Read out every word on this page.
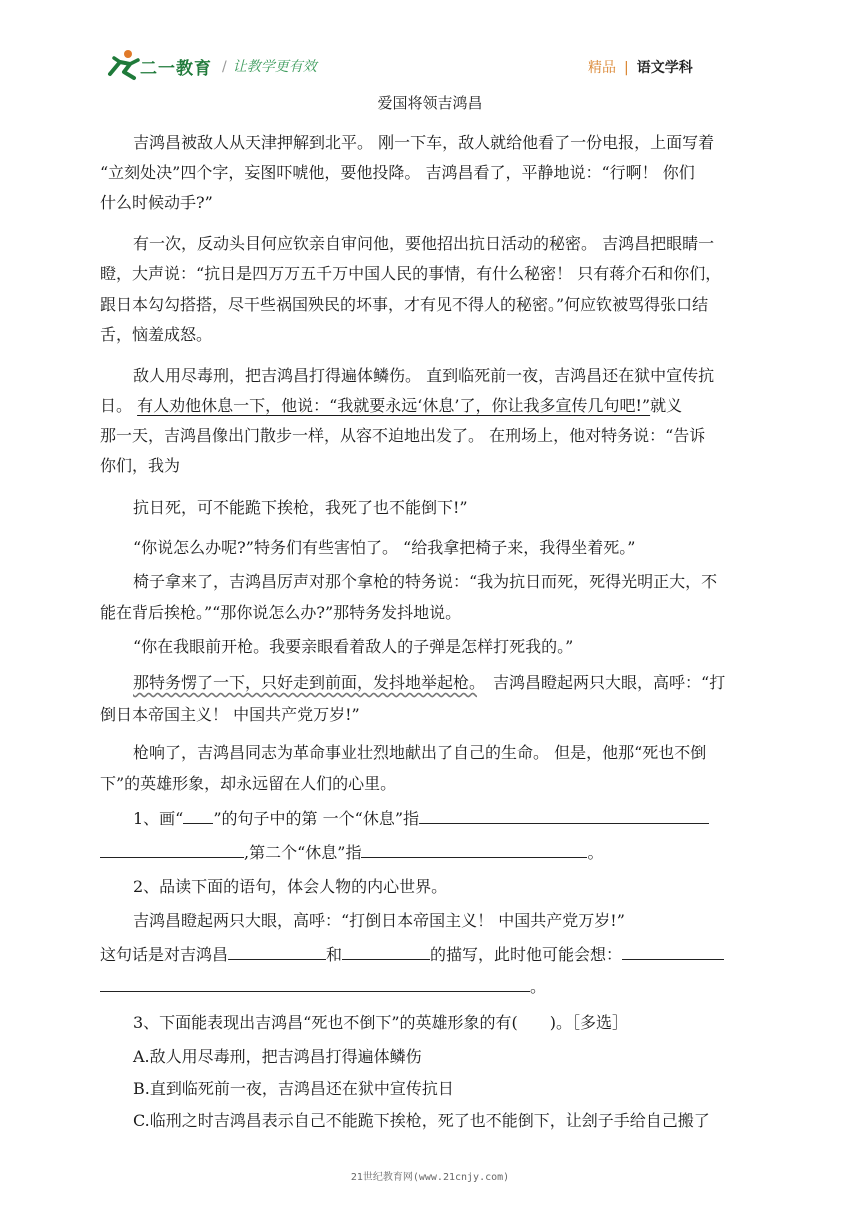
二一教育 / 让教学更有效	精品 | 语文学科
爱国将领吉鸿昌
吉鸿昌被敌人从天津押解到北平。 刚一下车，敌人就给他看了一份电报，上面写着
“立刻处决”四个字，妄图吓唬他，要他投降。 吉鸿昌看了，平静地说：“行啊！ 你们
什么时候动手?”
有一次，反动头目何应钦亲自审问他，要他招出抗日活动的秘密。 吉鸿昌把眼睛一
瞪，大声说：“抗日是四万万五千万中国人民的事情，有什么秘密！ 只有蒋介石和你们，
跟日本勾勾搭搭，尽干些祸国殃民的坏事，才有见不得人的秘密。”何应钦被骂得张口结
舌，恼羞成怒。
敌人用尽毒刑，把吉鸿昌打得遍体鳞伤。 直到临死前一夜，吉鸿昌还在狱中宣传抗
日。 有人劝他休息一下，他说：“我就要永远‘休息’了，你让我多宣传几句吧!”就义
那一天，吉鸿昌像出门散步一样，从容不迫地出发了。 在刑场上，他对特务说：“告诉
你们，我为
抗日死，可不能跪下挨枪，我死了也不能倒下!”
“你说怎么办呢?”特务们有些害怕了。 “给我拿把椅子来，我得坐着死。”
椅子拿来了，吉鸿昌厉声对那个拿枪的特务说：“我为抗日而死，死得光明正大，不
能在背后挨枪。”“那你说怎么办?”那特务发抖地说。
“你在我眼前开枪。我要亲眼看着敌人的子弹是怎样打死我的。”
那特务愣了一下，只好走到前面，发抖地举起枪。　 吉鸿昌瞪起两只大眼，高呼：“打
倒日本帝国主义！ 中国共产党万岁!”
枪响了，吉鸿昌同志为革命事业壮烈地献出了自己的生命。 但是，他那“死也不倒
下”的英雄形象，却永远留在人们的心里。
1、画“ ”的句子中的第 一个“休息”指
,第二个“休息”指	。
2、品读下面的语句，体会人物的内心世界。
吉鸿昌瞪起两只大眼，高呼：“打倒日本帝国主义！ 中国共产党万岁!”
这句话是对吉鸿昌	和	的描写，此时他可能会想：
。
3、下面能表现出吉鸿昌“死也不倒下”的英雄形象的有(　　)。［多选］
A.敌人用尽毒刑，把吉鸿昌打得遍体鳞伤
B.直到临死前一夜，吉鸿昌还在狱中宣传抗日
C.临刑之时吉鸿昌表示自己不能跪下挨枪，死了也不能倒下，让刽子手给自己搬了
21世纪教育网(www.21cnjy.com)
